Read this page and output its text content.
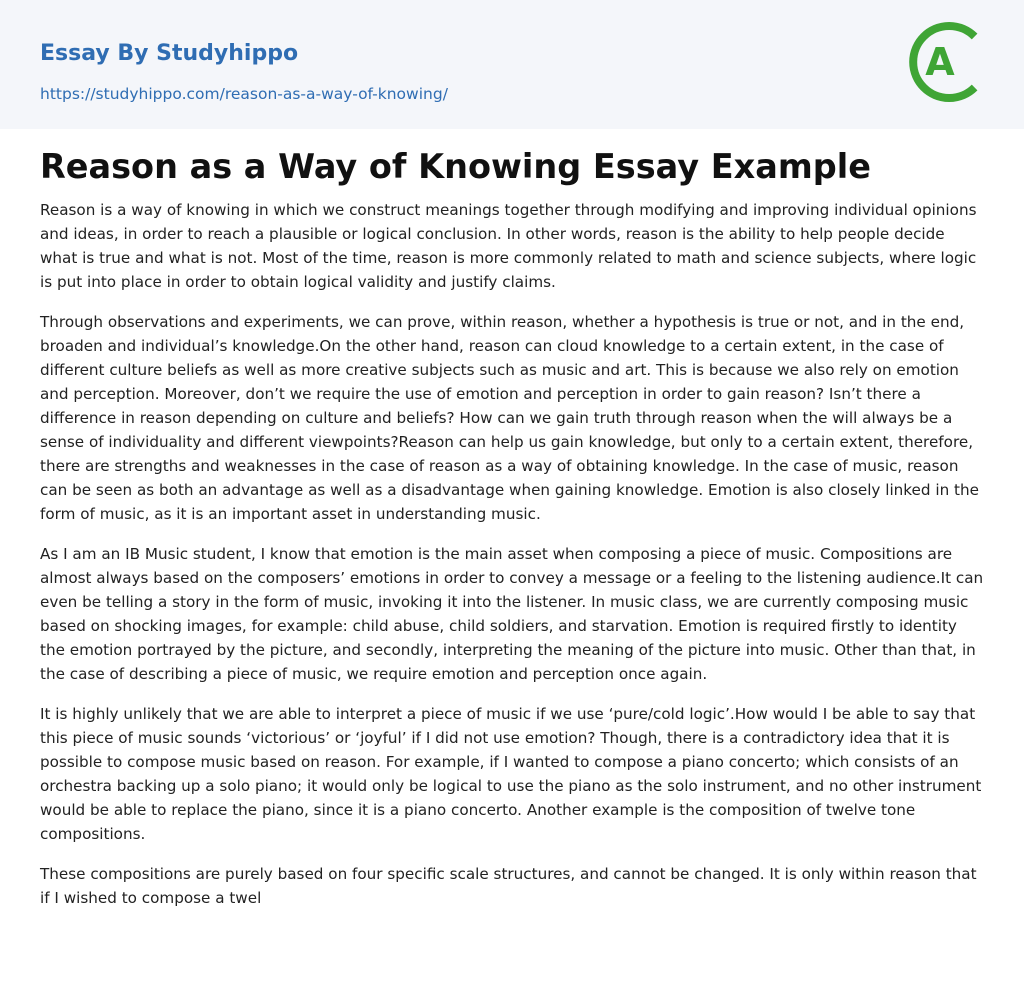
Essay By Studyhippo
https://studyhippo.com/reason-as-a-way-of-knowing/
A
Reason as a Way of Knowing Essay Example

Reason is a way of knowing in which we construct meanings together through modifying and improving individual opinions and ideas, in order to reach a plausible or logical conclusion. In other words, reason is the ability to help people decide what is true and what is not. Most of the time, reason is more commonly related to math and science subjects, where logic is put into place in order to obtain logical validity and justify claims.

Through observations and experiments, we can prove, within reason, whether a hypothesis is true or not, and in the end, broaden and individual’s knowledge.On the other hand, reason can cloud knowledge to a certain extent, in the case of different culture beliefs as well as more creative subjects such as music and art. This is because we also rely on emotion and perception. Moreover, don’t we require the use of emotion and perception in order to gain reason? Isn’t there a difference in reason depending on culture and beliefs? How can we gain truth through reason when the will always be a sense of individuality and different viewpoints?Reason can help us gain knowledge, but only to a certain extent, therefore, there are strengths and weaknesses in the case of reason as a way of obtaining knowledge. In the case of music, reason can be seen as both an advantage as well as a disadvantage when gaining knowledge. Emotion is also closely linked in the form of music, as it is an important asset in understanding music.

As I am an IB Music student, I know that emotion is the main asset when composing a piece of music. Compositions are almost always based on the composers’ emotions in order to convey a message or a feeling to the listening audience.It can even be telling a story in the form of music, invoking it into the listener. In music class, we are currently composing music based on shocking images, for example: child abuse, child soldiers, and starvation. Emotion is required firstly to identity the emotion portrayed by the picture, and secondly, interpreting the meaning of the picture into music. Other than that, in the case of describing a piece of music, we require emotion and perception once again.

It is highly unlikely that we are able to interpret a piece of music if we use ‘pure/cold logic’.How would I be able to say that this piece of music sounds ‘victorious’ or ‘joyful’ if I did not use emotion? Though, there is a contradictory idea that it is possible to compose music based on reason. For example, if I wanted to compose a piano concerto; which consists of an orchestra backing up a solo piano; it would only be logical to use the piano as the solo instrument, and no other instrument would be able to replace the piano, since it is a piano concerto. Another example is the composition of twelve tone compositions.

These compositions are purely based on four specific scale structures, and cannot be changed. It is only within reason that if I wished to compose a twel
